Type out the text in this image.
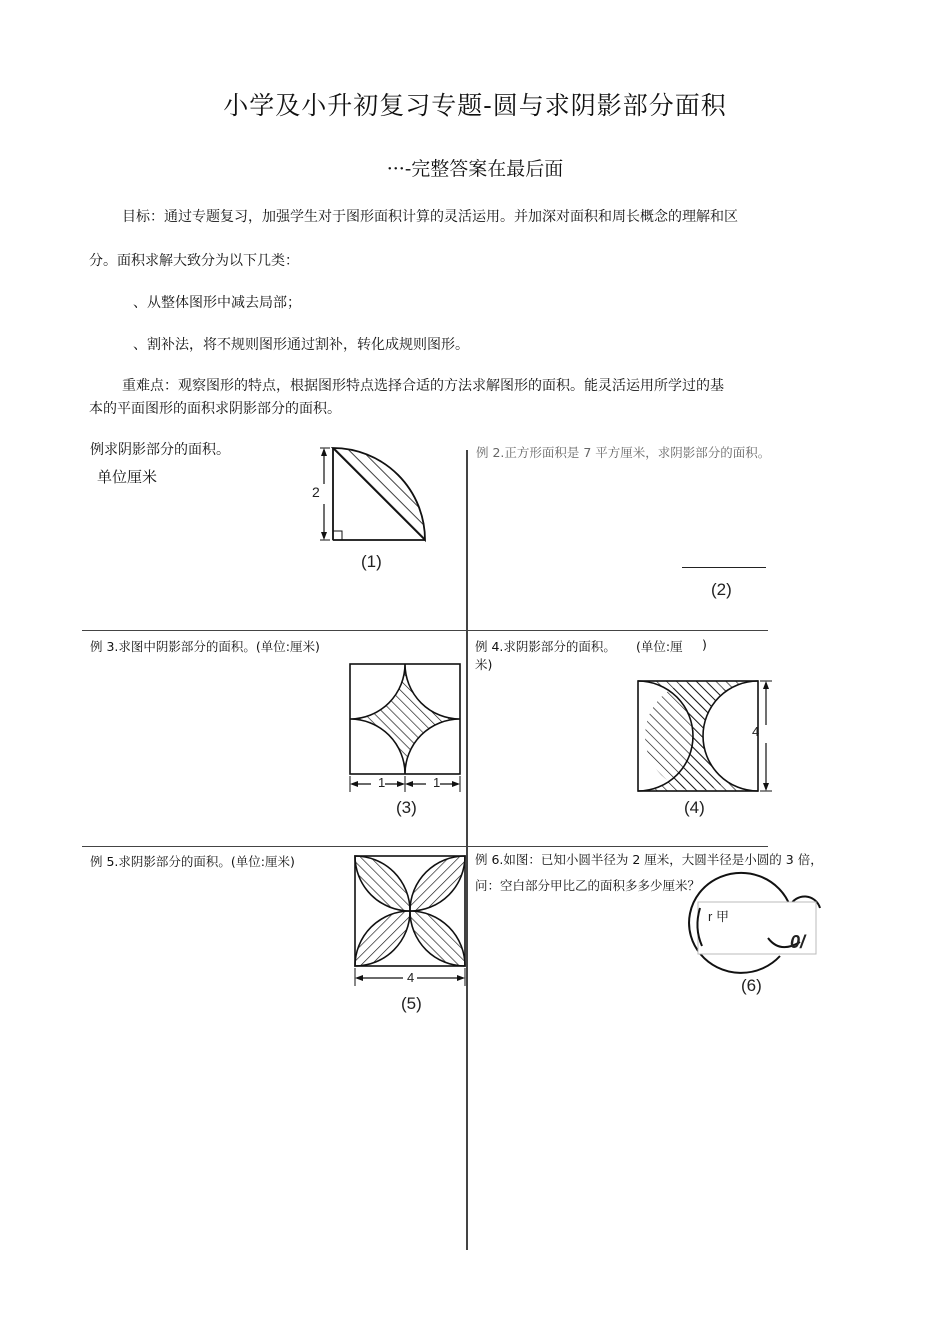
小学及小升初复习专题-圆与求阴影部分面积
···-完整答案在最后面
目标：通过专题复习，加强学生对于图形面积计算的灵活运用。并加深对面积和周长概念的理解和区
分。面积求解大致分为以下几类：
、从整体图形中减去局部；
、割补法，将不规则图形通过割补，转化成规则图形。
重难点：观察图形的特点，根据图形特点选择合适的方法求解图形的面积。能灵活运用所学过的基
本的平面图形的面积求阴影部分的面积。
例求阴影部分的面积。
单位厘米
2
(1)
例 2.正方形面积是 7 平方厘米，求阴影部分的面积。
(2)
例 3.求图中阴影部分的面积。(单位:厘米)
1	1
(3)
例 4.求阴影部分的面积。 (单位:厘 )
米)
4
(4)
例 5.求阴影部分的面积。(单位:厘米)
4
(5)
例 6.如图：已知小圆半径为 2 厘米，大圆半径是小圆的 3 倍，
问：空白部分甲比乙的面积多多少厘米？
r 甲
0/
(6)
